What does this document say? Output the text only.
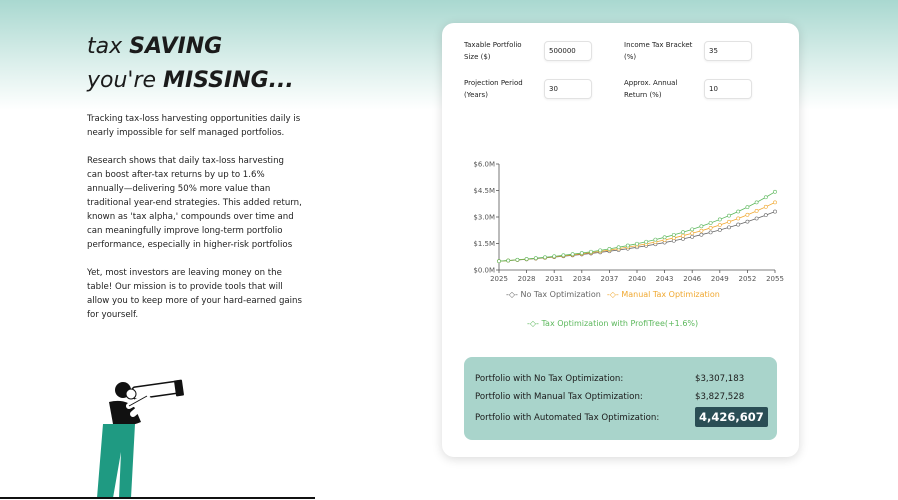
tax SAVING
you're MISSING...

Tracking tax-loss harvesting opportunities daily is nearly impossible for self managed portfolios.

Research shows that daily tax-loss harvesting can boost after-tax returns by up to 1.6% annually—delivering 50% more value than traditional year-end strategies. This added return, known as 'tax alpha,' compounds over time and can meaningfully improve long-term portfolio performance, especially in higher-risk portfolios

Yet, most investors are leaving money on the table! Our mission is to provide tools that will allow you to keep more of your hard-earned gains for yourself.

Taxable Portfolio
Size ($)
500000
Income Tax Bracket
(%)
35
Projection Period
(Years)
30
Approx. Annual
Return (%)
10
$0.0M
$1.5M
$3.0M
$4.5M
$6.0M
2025 2028 2031 2034 2037 2040 2043 2046 2049 2052 2055
-◇- No Tax Optimization -◇- Manual Tax Optimization
-◇- Tax Optimization with ProfiTree(+1.6%)
Portfolio with No Tax Optimization:	$3,307,183
Portfolio with Manual Tax Optimization:	$3,827,528
Portfolio with Automated Tax Optimization:	4,426,607
